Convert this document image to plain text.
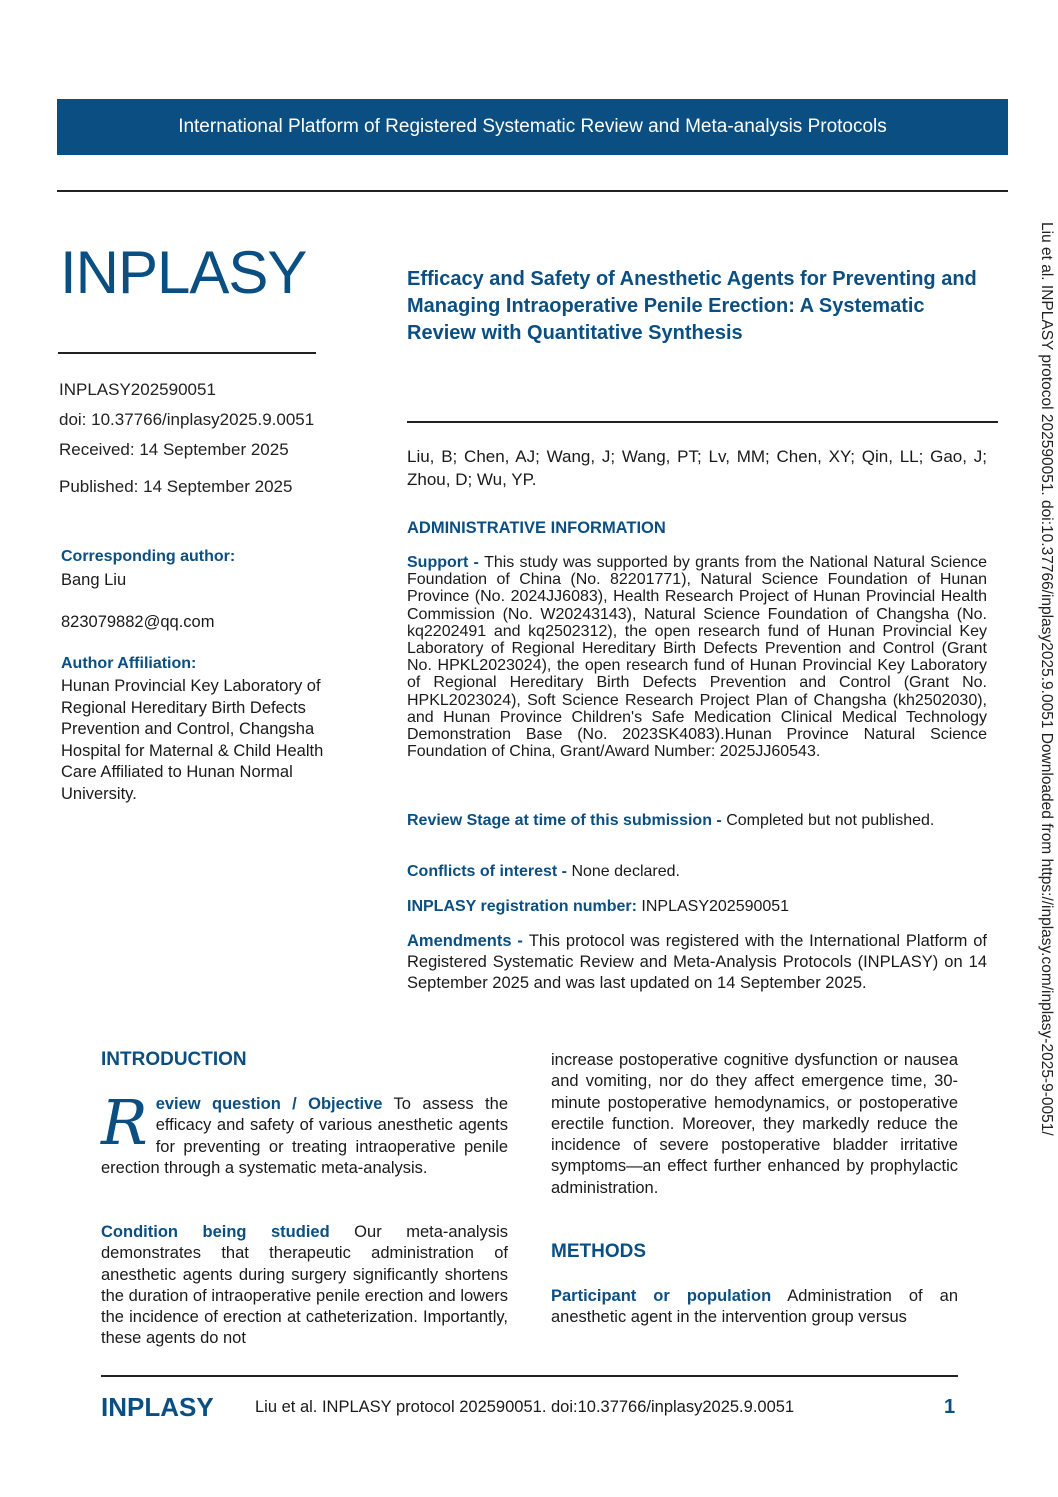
International Platform of Registered Systematic Review and Meta-analysis Protocols
INPLASY
INPLASY202590051
doi: 10.37766/inplasy2025.9.0051
Received: 14 September 2025
Published: 14 September 2025
Corresponding author:
Bang Liu
823079882@qq.com
Author Affiliation:
Hunan Provincial Key Laboratory of Regional Hereditary Birth Defects Prevention and Control, Changsha Hospital for Maternal & Child Health Care Affiliated to Hunan Normal University.
Efficacy and Safety of Anesthetic Agents for Preventing and Managing Intraoperative Penile Erection: A Systematic Review with Quantitative Synthesis
Liu, B; Chen, AJ; Wang, J; Wang, PT; Lv, MM; Chen, XY; Qin, LL; Gao, J; Zhou, D; Wu, YP.
ADMINISTRATIVE INFORMATION
Support - This study was supported by grants from the National Natural Science Foundation of China (No. 82201771), Natural Science Foundation of Hunan Province (No. 2024JJ6083), Health Research Project of Hunan Provincial Health Commission (No. W20243143), Natural Science Foundation of Changsha (No. kq2202491 and kq2502312), the open research fund of Hunan Provincial Key Laboratory of Regional Hereditary Birth Defects Prevention and Control (Grant No. HPKL2023024), the open research fund of Hunan Provincial Key Laboratory of Regional Hereditary Birth Defects Prevention and Control (Grant No. HPKL2023024), Soft Science Research Project Plan of Changsha (kh2502030), and Hunan Province Children's Safe Medication Clinical Medical Technology Demonstration Base (No. 2023SK4083).Hunan Province Natural Science Foundation of China, Grant/Award Number: 2025JJ60543.
Review Stage at time of this submission - Completed but not published.
Conflicts of interest - None declared.
INPLASY registration number: INPLASY202590051
Amendments - This protocol was registered with the International Platform of Registered Systematic Review and Meta-Analysis Protocols (INPLASY) on 14 September 2025 and was last updated on 14 September 2025.
INTRODUCTION
Review question / Objective To assess the efficacy and safety of various anesthetic agents for preventing or treating intraoperative penile erection through a systematic meta-analysis.
Condition being studied Our meta-analysis demonstrates that therapeutic administration of anesthetic agents during surgery significantly shortens the duration of intraoperative penile erection and lowers the incidence of erection at catheterization. Importantly, these agents do not
increase postoperative cognitive dysfunction or nausea and vomiting, nor do they affect emergence time, 30-minute postoperative hemodynamics, or postoperative erectile function. Moreover, they markedly reduce the incidence of severe postoperative bladder irritative symptoms—an effect further enhanced by prophylactic administration.
METHODS
Participant or population Administration of an anesthetic agent in the intervention group versus
Liu et al. INPLASY protocol 202590051. doi:10.37766/inplasy2025.9.0051 Downloaded from https://inplasy.com/inplasy-2025-9-0051/
INPLASY	Liu et al. INPLASY protocol 202590051. doi:10.37766/inplasy2025.9.0051	1
